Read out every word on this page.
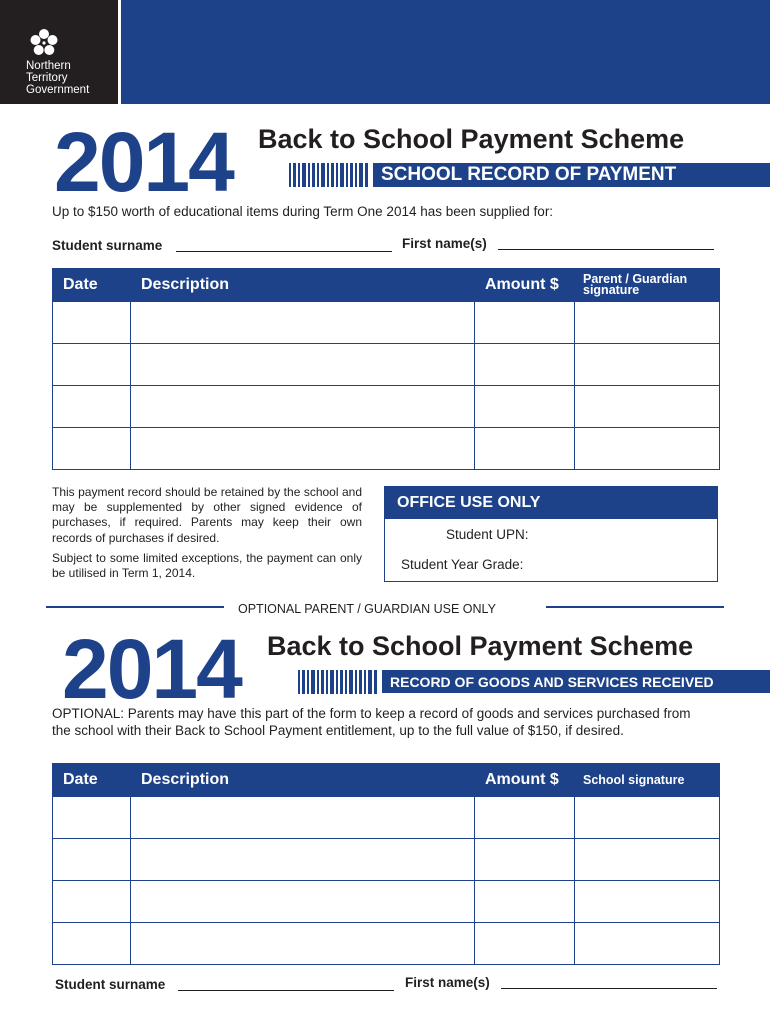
Northern
Territory
Government
2014 Back to School Payment Scheme
SCHOOL RECORD OF PAYMENT
Up to $150 worth of educational items during Term One 2014 has been supplied for:
Student surname	First name(s)
Date	Description	Amount $	Parent / Guardian signature

This payment record should be retained by the school and may be supplemented by other signed evidence of purchases, if required. Parents may keep their own records of purchases if desired.
Subject to some limited exceptions, the payment can only be utilised in Term 1, 2014.
OFFICE USE ONLY
Student UPN:
Student Year Grade:
OPTIONAL PARENT / GUARDIAN USE ONLY
2014 Back to School Payment Scheme
RECORD OF GOODS AND SERVICES RECEIVED
OPTIONAL: Parents may have this part of the form to keep a record of goods and services purchased from the school with their Back to School Payment entitlement, up to the full value of $150, if desired.
Date	Description	Amount $	School signature

Student surname	First name(s)
